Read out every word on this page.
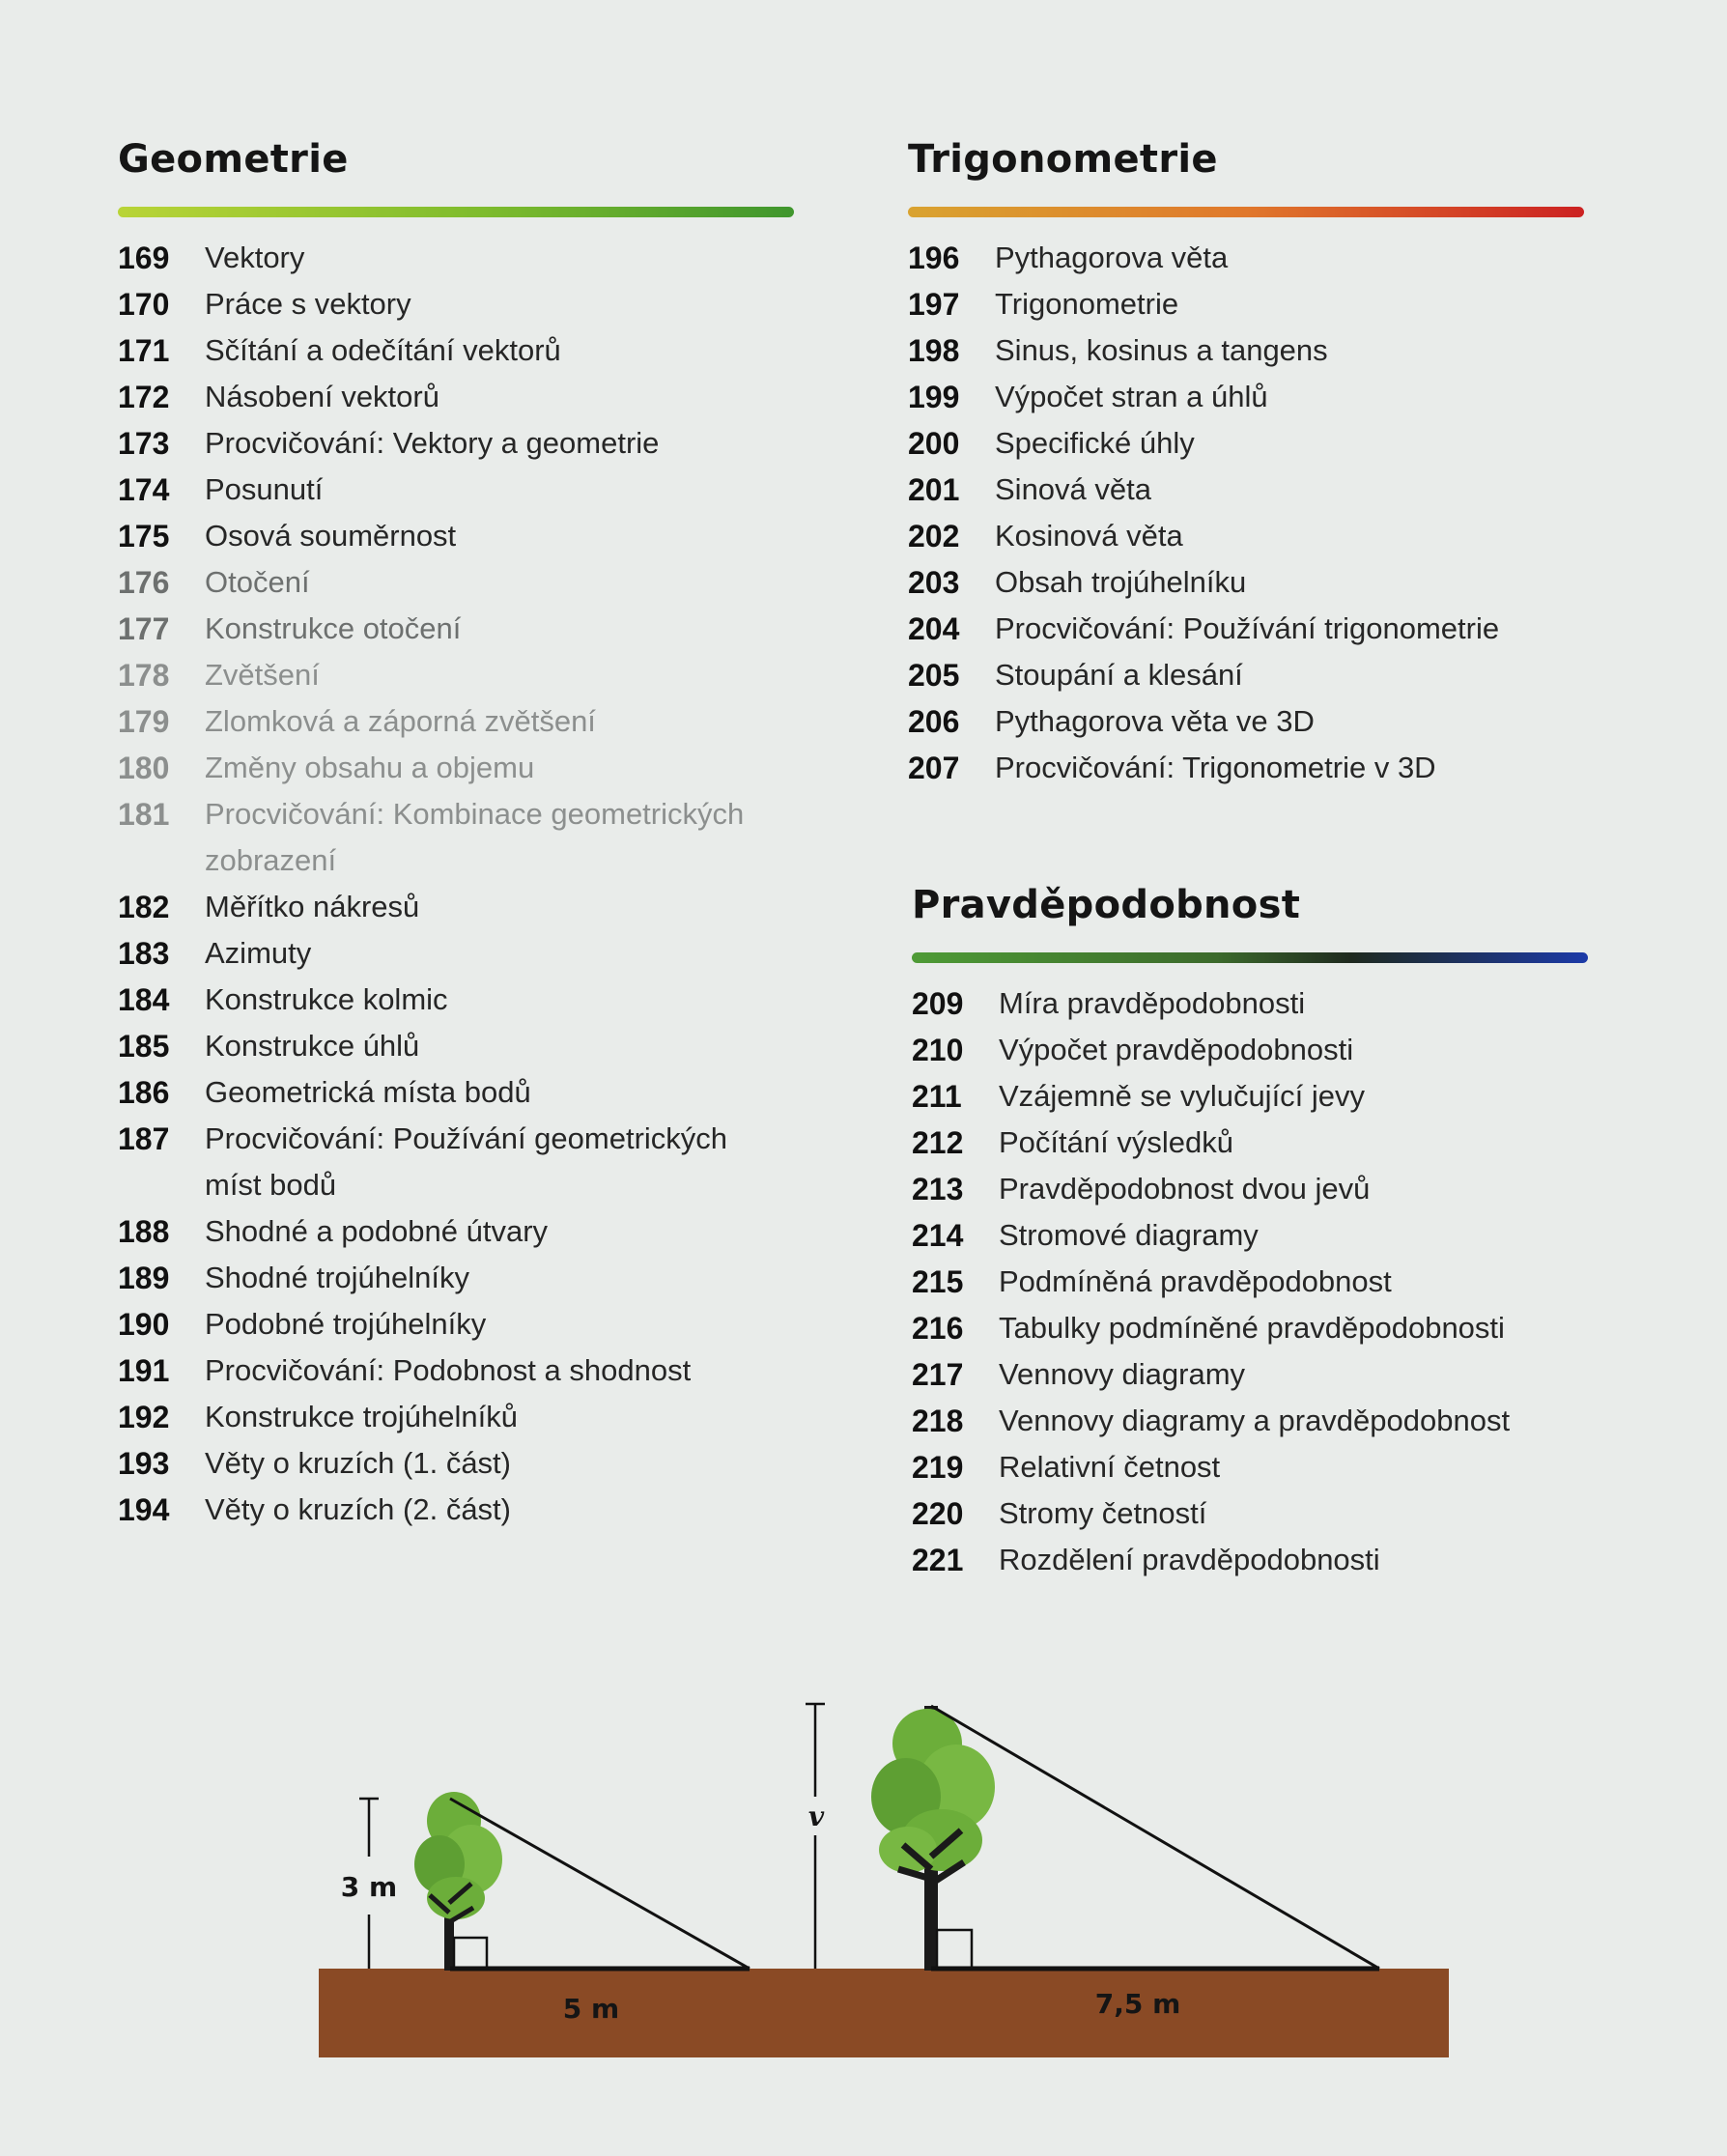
Geometrie
169	Vektory
170	Práce s vektory
171	Sčítání a odečítání vektorů
172	Násobení vektorů
173	Procvičování: Vektory a geometrie
174	Posunutí
175	Osová souměrnost
176	Otočení
177	Konstrukce otočení
178	Zvětšení
179	Zlomková a záporná zvětšení
180	Změny obsahu a objemu
181	Procvičování: Kombinace geometrických
zobrazení
182	Měřítko nákresů
183	Azimuty
184	Konstrukce kolmic
185	Konstrukce úhlů
186	Geometrická místa bodů
187	Procvičování: Používání geometrických
míst bodů
188	Shodné a podobné útvary
189	Shodné trojúhelníky
190	Podobné trojúhelníky
191	Procvičování: Podobnost a shodnost
192	Konstrukce trojúhelníků
193	Věty o kruzích (1. část)
194	Věty o kruzích (2. část)
Trigonometrie
196	Pythagorova věta
197	Trigonometrie
198	Sinus, kosinus a tangens
199	Výpočet stran a úhlů
200	Specifické úhly
201	Sinová věta
202	Kosinová věta
203	Obsah trojúhelníku
204	Procvičování: Používání trigonometrie
205	Stoupání a klesání
206	Pythagorova věta ve 3D
207	Procvičování: Trigonometrie v 3D
Pravděpodobnost
209	Míra pravděpodobnosti
210	Výpočet pravděpodobnosti
211	Vzájemně se vylučující jevy
212	Počítání výsledků
213	Pravděpodobnost dvou jevů
214	Stromové diagramy
215	Podmíněná pravděpodobnost
216	Tabulky podmíněné pravděpodobnosti
217	Vennovy diagramy
218	Vennovy diagramy a pravděpodobnost
219	Relativní četnost
220	Stromy četností
221	Rozdělení pravděpodobnosti
3 m
5 m
v
7,5 m
